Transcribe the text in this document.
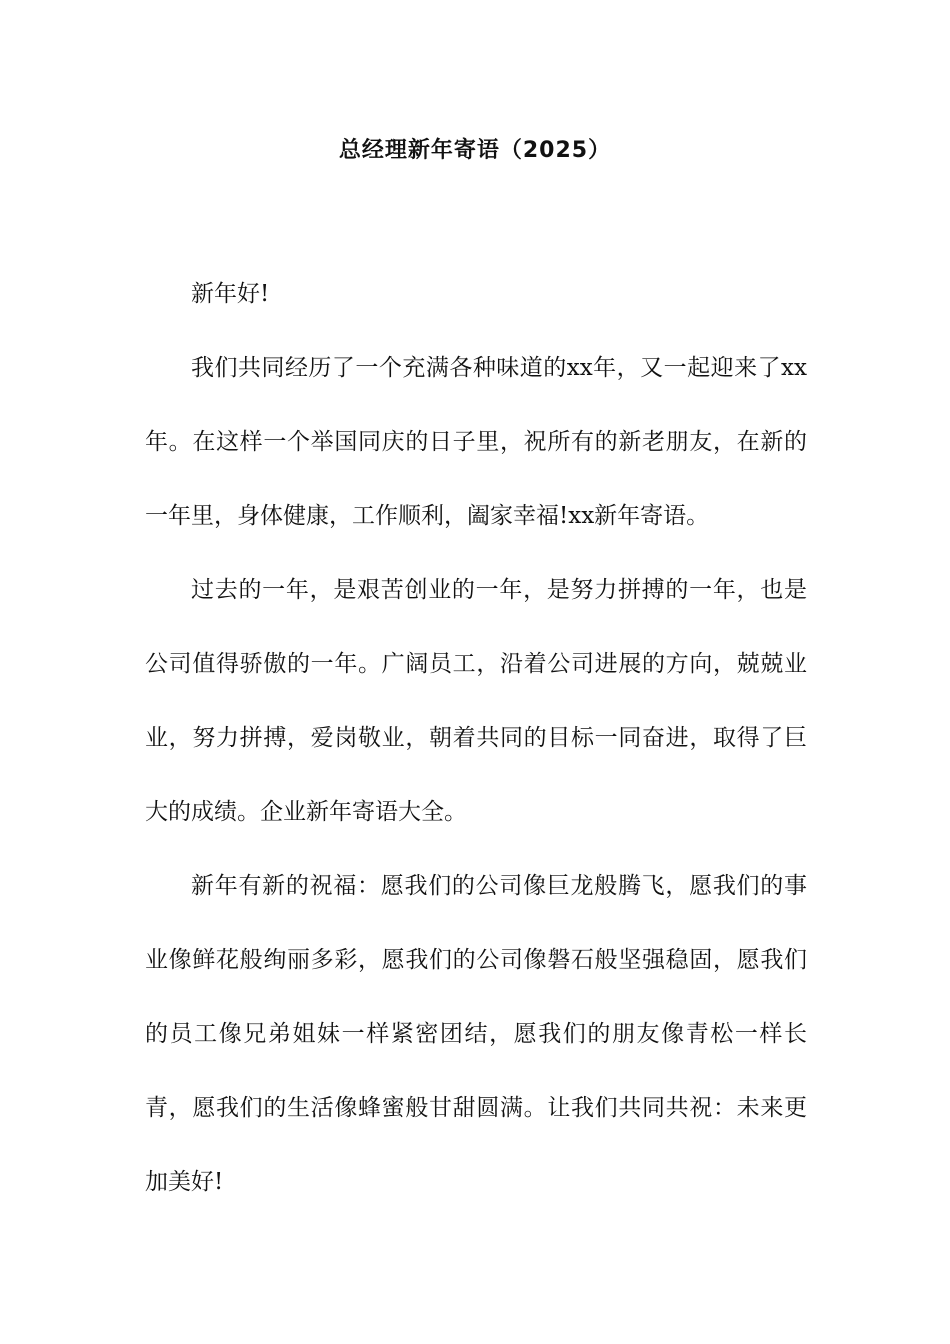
总经理新年寄语（2025）

新年好!

我们共同经历了一个充满各种味道的xx年，又一起迎来了xx年。在这样一个举国同庆的日子里，祝所有的新老朋友，在新的一年里，身体健康，工作顺利，阖家幸福!xx新年寄语。

过去的一年，是艰苦创业的一年，是努力拼搏的一年，也是公司值得骄傲的一年。广阔员工，沿着公司进展的方向，兢兢业业，努力拼搏，爱岗敬业，朝着共同的目标一同奋进，取得了巨大的成绩。企业新年寄语大全。

新年有新的祝福：愿我们的公司像巨龙般腾飞，愿我们的事业像鲜花般绚丽多彩，愿我们的公司像磐石般坚强稳固，愿我们的员工像兄弟姐妹一样紧密团结，愿我们的朋友像青松一样长青，愿我们的生活像蜂蜜般甘甜圆满。让我们共同共祝：未来更加美好!
